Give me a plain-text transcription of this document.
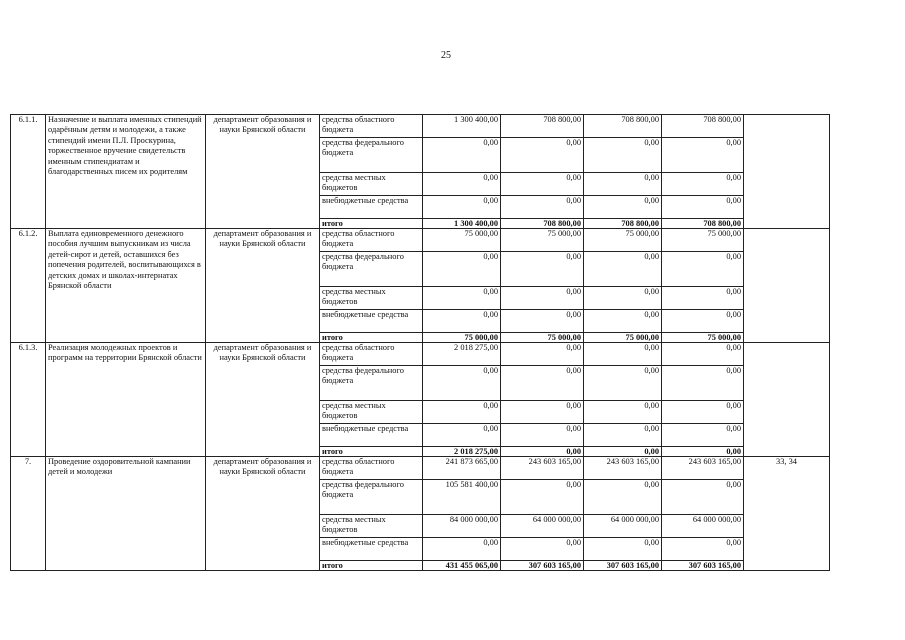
25
6.1.1.	Назначение и выплата именных стипендий одарённым детям и молодежи, а также стипендий имени П.Л. Проскурина, торжественное вручение свидетельств именным стипендиатам и благодарственных писем их родителям	департамент образования и науки Брянской области	средства областного бюджета	1 300 400,00	708 800,00	708 800,00	708 800,00	
			средства федерального бюджета	0,00	0,00	0,00	0,00	
			средства местных бюджетов	0,00	0,00	0,00	0,00	
			внебюджетные средства	0,00	0,00	0,00	0,00	
			итого	1 300 400,00	708 800,00	708 800,00	708 800,00	
6.1.2.	Выплата единовременного денежного пособия лучшим выпускникам из числа детей-сирот и детей, оставшихся без попечения родителей, воспитывающихся в детских домах и школах-интернатах Брянской области	департамент образования и науки Брянской области	средства областного бюджета	75 000,00	75 000,00	75 000,00	75 000,00	
			средства федерального бюджета	0,00	0,00	0,00	0,00	
			средства местных бюджетов	0,00	0,00	0,00	0,00	
			внебюджетные средства	0,00	0,00	0,00	0,00	
			итого	75 000,00	75 000,00	75 000,00	75 000,00	
6.1.3.	Реализация молодежных проектов и программ на территории Брянской области	департамент образования и науки Брянской области	средства областного бюджета	2 018 275,00	0,00	0,00	0,00	
			средства федерального бюджета	0,00	0,00	0,00	0,00	
			средства местных бюджетов	0,00	0,00	0,00	0,00	
			внебюджетные средства	0,00	0,00	0,00	0,00	
			итого	2 018 275,00	0,00	0,00	0,00	
7.	Проведение оздоровительной кампании детей и молодежи	департамент образования и науки Брянской области	средства областного бюджета	241 873 665,00	243 603 165,00	243 603 165,00	243 603 165,00	33, 34
			средства федерального бюджета	105 581 400,00	0,00	0,00	0,00	
			средства местных бюджетов	84 000 000,00	64 000 000,00	64 000 000,00	64 000 000,00	
			внебюджетные средства	0,00	0,00	0,00	0,00	
			итого	431 455 065,00	307 603 165,00	307 603 165,00	307 603 165,00	
